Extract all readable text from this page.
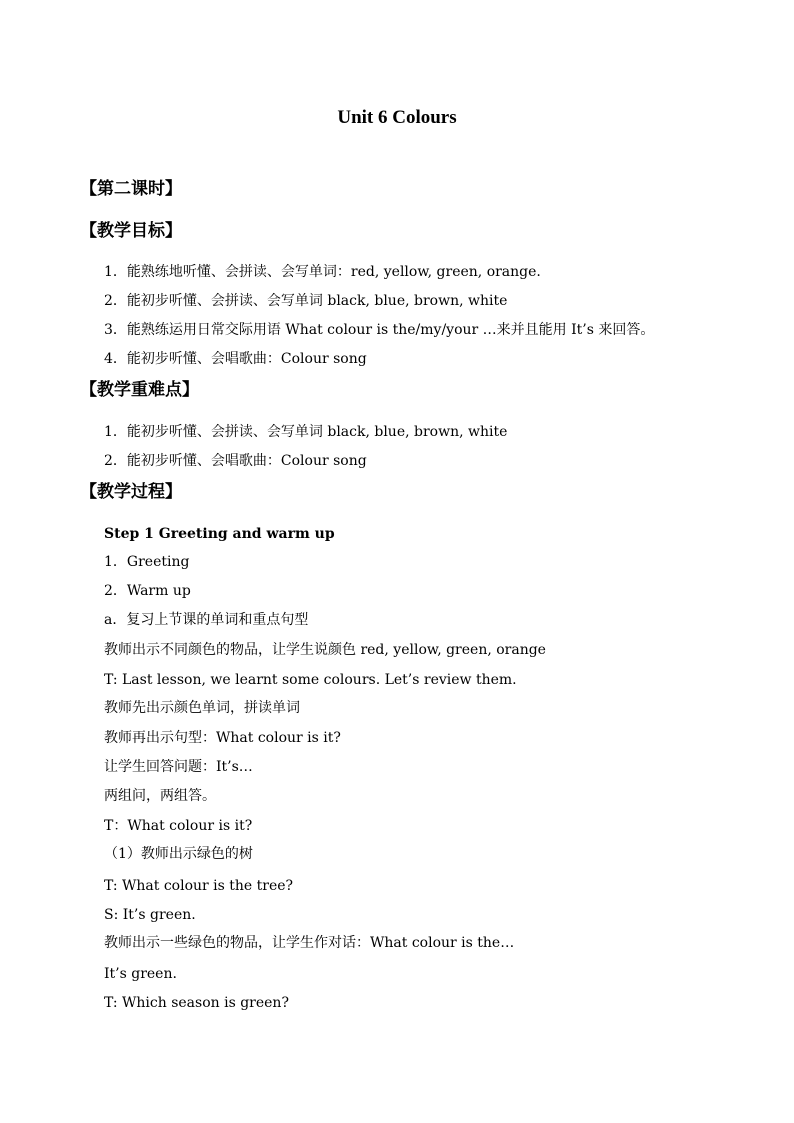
Unit 6 Colours
【第二课时】
【教学目标】
1．能熟练地听懂、会拼读、会写单词：red, yellow, green, orange.
2．能初步听懂、会拼读、会写单词 black, blue, brown, white
3．能熟练运用日常交际用语 What colour is the/my/your …来并且能用 It’s 来回答。
4．能初步听懂、会唱歌曲：Colour song
【教学重难点】
1．能初步听懂、会拼读、会写单词 black, blue, brown, white
2．能初步听懂、会唱歌曲：Colour song
【教学过程】
Step 1 Greeting and warm up
1．Greeting
2．Warm up
a．复习上节课的单词和重点句型
教师出示不同颜色的物品，让学生说颜色 red, yellow, green, orange
T: Last lesson, we learnt some colours. Let’s review them.
教师先出示颜色单词，拼读单词
教师再出示句型：What colour is it?
让学生回答问题：It’s…
两组问，两组答。
T：What colour is it?
（1）教师出示绿色的树
T: What colour is the tree?
S: It’s green.
教师出示一些绿色的物品，让学生作对话：What colour is the…
It’s green.
T: Which season is green?
